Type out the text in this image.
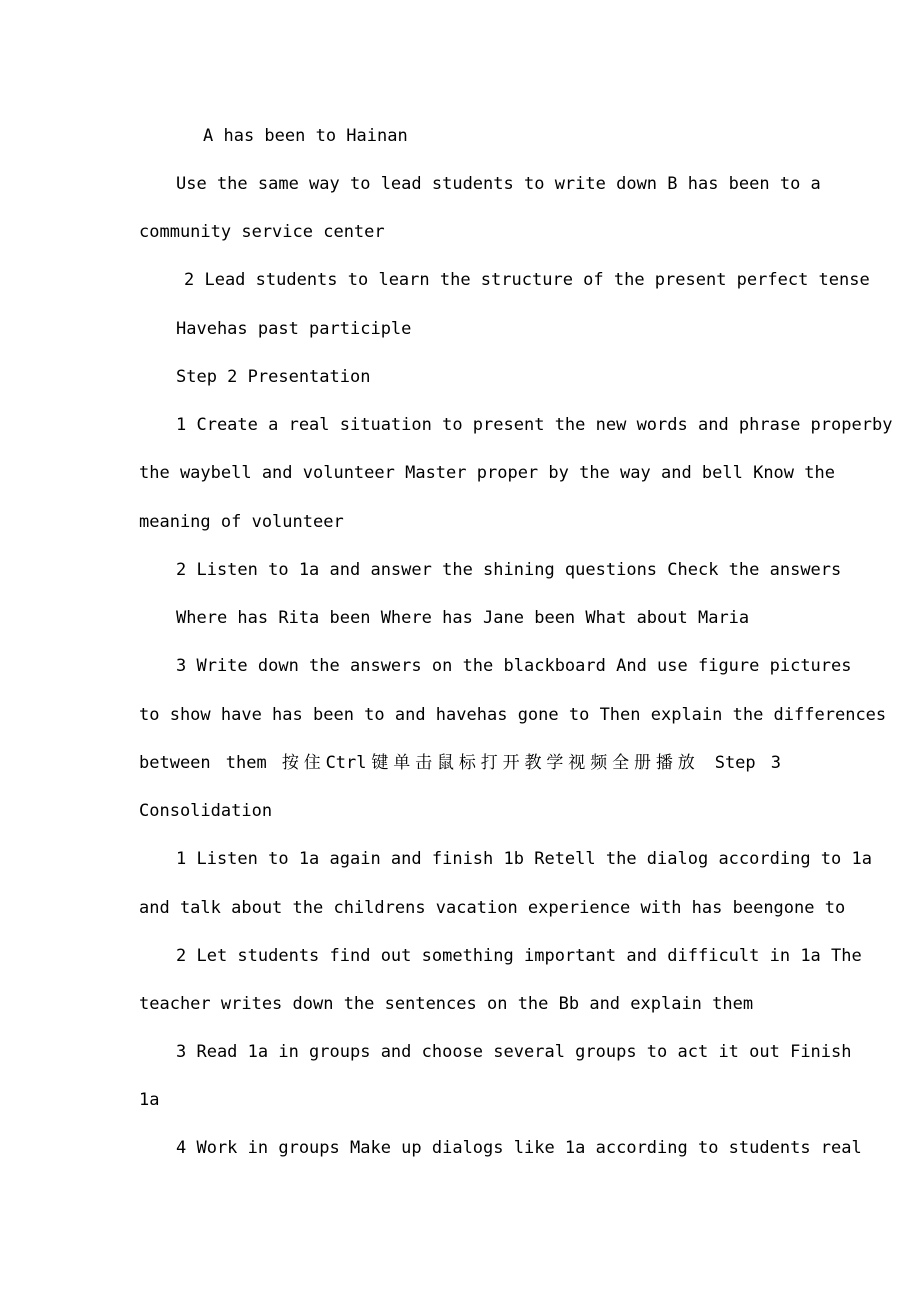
A has been to Hainan
Use the same way to lead students to write down B has been to a
community service center
2 Lead students to learn the structure of the present perfect tense
Havehas past participle
Step 2 Presentation
1 Create a real situation to present the new words and phrase properby
the waybell and volunteer Master proper by the way and bell Know the
meaning of volunteer
2 Listen to 1a and answer the shining questions Check the answers
Where has Rita been Where has Jane been What about Maria
3 Write down the answers on the blackboard And use figure pictures
to show have has been to and havehas gone to Then explain the differences
between them 按住Ctrl键单击鼠标打开教学视频全册播放 Step 3
Consolidation
1 Listen to 1a again and finish 1b Retell the dialog according to 1a
and talk about the childrens vacation experience with has beengone to
2 Let students find out something important and difficult in 1a The
teacher writes down the sentences on the Bb and explain them
3 Read 1a in groups and choose several groups to act it out Finish
1a
4 Work in groups Make up dialogs like 1a according to students real
